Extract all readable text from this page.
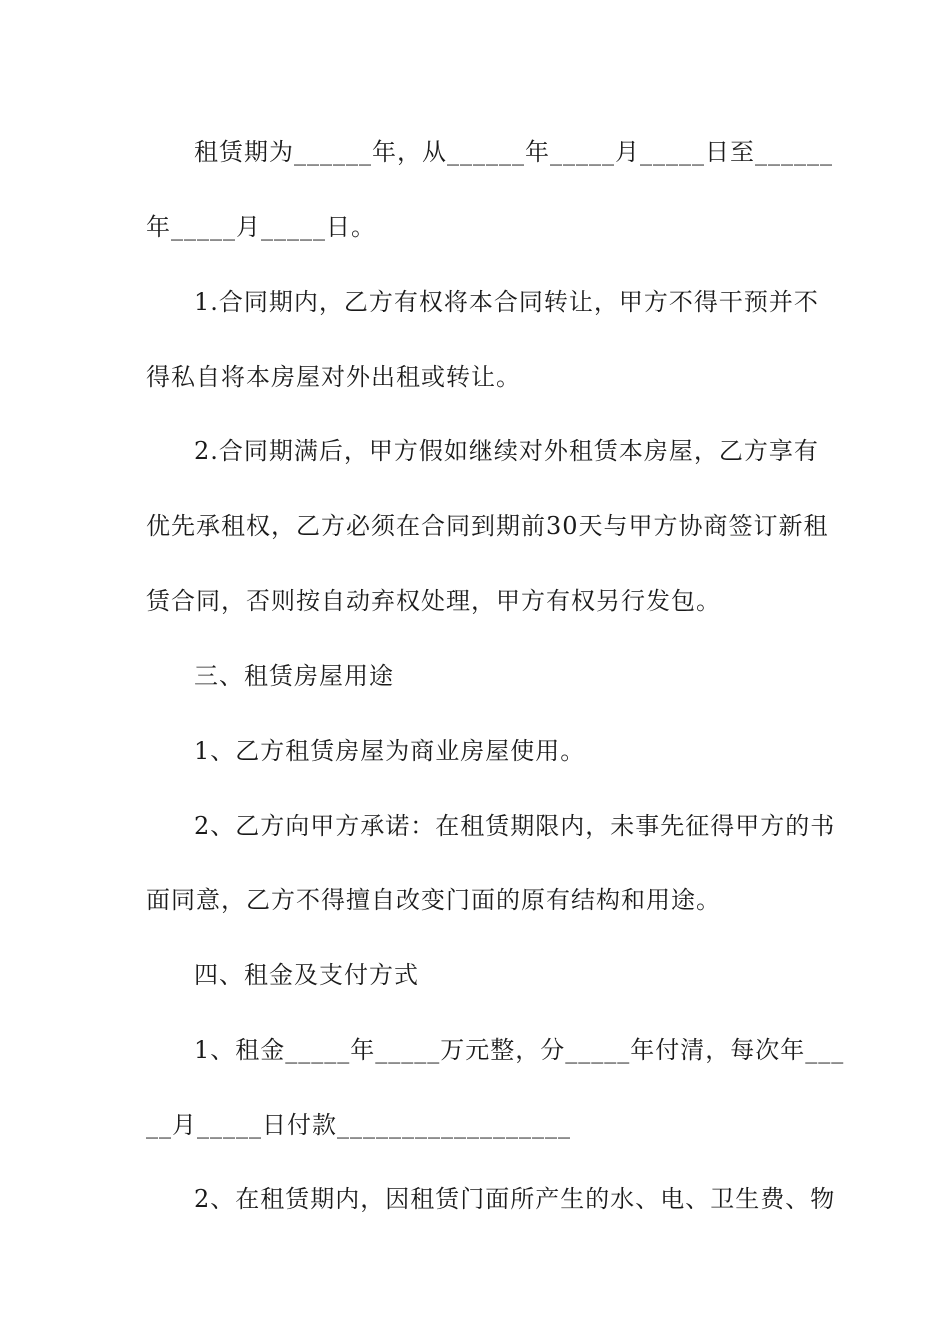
租赁期为______年，从______年_____月_____日至______
年_____月_____日。
1.合同期内，乙方有权将本合同转让，甲方不得干预并不
得私自将本房屋对外出租或转让。
2.合同期满后，甲方假如继续对外租赁本房屋，乙方享有
优先承租权，乙方必须在合同到期前30天与甲方协商签订新租
赁合同，否则按自动弃权处理，甲方有权另行发包。
三、租赁房屋用途
1、乙方租赁房屋为商业房屋使用。
2、乙方向甲方承诺：在租赁期限内，未事先征得甲方的书
面同意，乙方不得擅自改变门面的原有结构和用途。
四、租金及支付方式
1、租金_____年_____万元整，分_____年付清，每次年___
__月_____日付款__________________
2、在租赁期内，因租赁门面所产生的水、电、卫生费、物
